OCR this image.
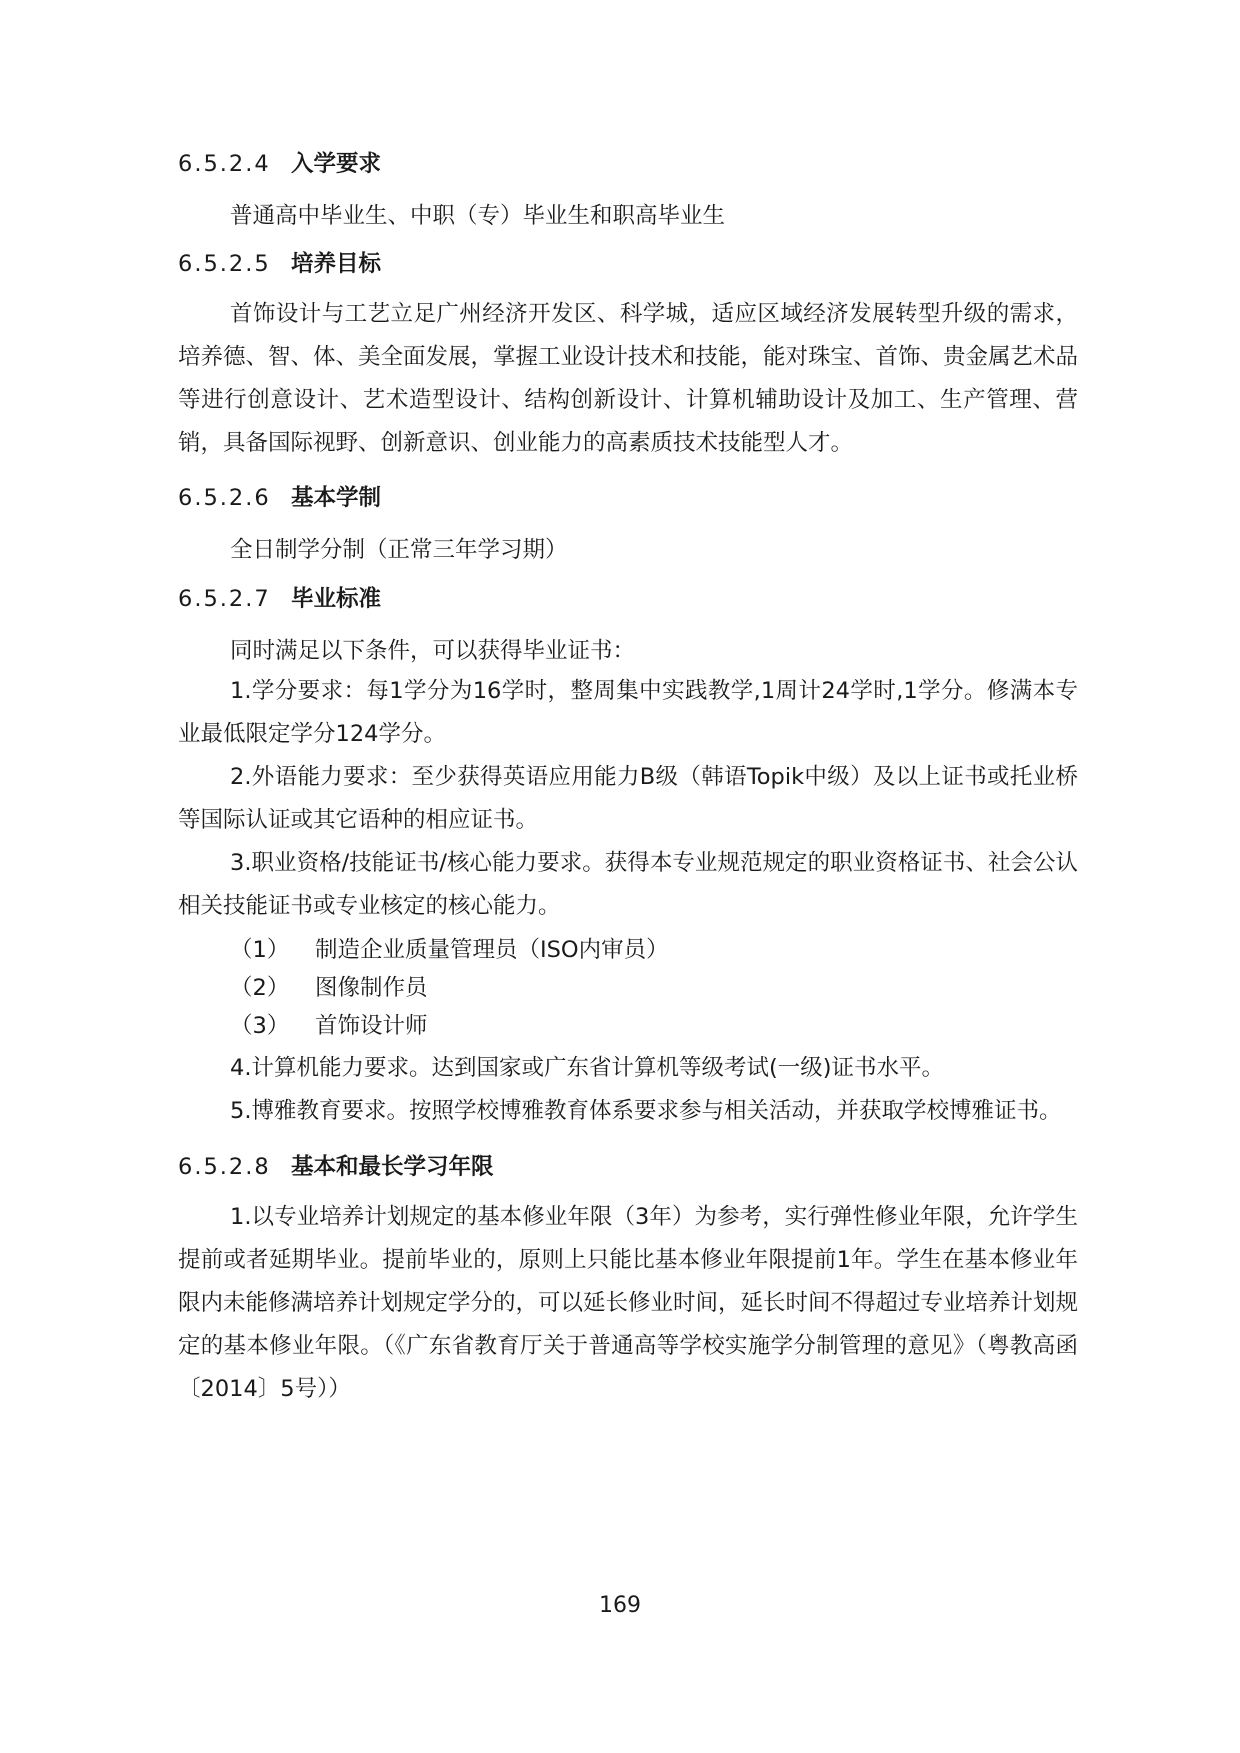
6.5.2.4 入学要求

普通高中毕业生、中职（专）毕业生和职高毕业生

6.5.2.5 培养目标

首饰设计与工艺立足广州经济开发区、科学城，适应区域经济发展转型升级的需求，培养德、智、体、美全面发展，掌握工业设计技术和技能，能对珠宝、首饰、贵金属艺术品等进行创意设计、艺术造型设计、结构创新设计、计算机辅助设计及加工、生产管理、营销，具备国际视野、创新意识、创业能力的高素质技术技能型人才。

6.5.2.6 基本学制

全日制学分制（正常三年学习期）

6.5.2.7 毕业标准

同时满足以下条件，可以获得毕业证书：

1.学分要求：每1学分为16学时，整周集中实践教学,1周计24学时,1学分。修满本专业最低限定学分124学分。

2.外语能力要求：至少获得英语应用能力B级（韩语Topik中级）及以上证书或托业桥等国际认证或其它语种的相应证书。

3.职业资格/技能证书/核心能力要求。获得本专业规范规定的职业资格证书、社会公认相关技能证书或专业核定的核心能力。

（1） 制造企业质量管理员（ISO内审员）
（2） 图像制作员
（3） 首饰设计师

4.计算机能力要求。达到国家或广东省计算机等级考试(一级)证书水平。

5.博雅教育要求。按照学校博雅教育体系要求参与相关活动，并获取学校博雅证书。

6.5.2.8 基本和最长学习年限

1.以专业培养计划规定的基本修业年限（3年）为参考，实行弹性修业年限，允许学生提前或者延期毕业。提前毕业的，原则上只能比基本修业年限提前1年。学生在基本修业年限内未能修满培养计划规定学分的，可以延长修业时间，延长时间不得超过专业培养计划规定的基本修业年限。（《广东省教育厅关于普通高等学校实施学分制管理的意见》（粤教高函〔2014〕5号））

169
